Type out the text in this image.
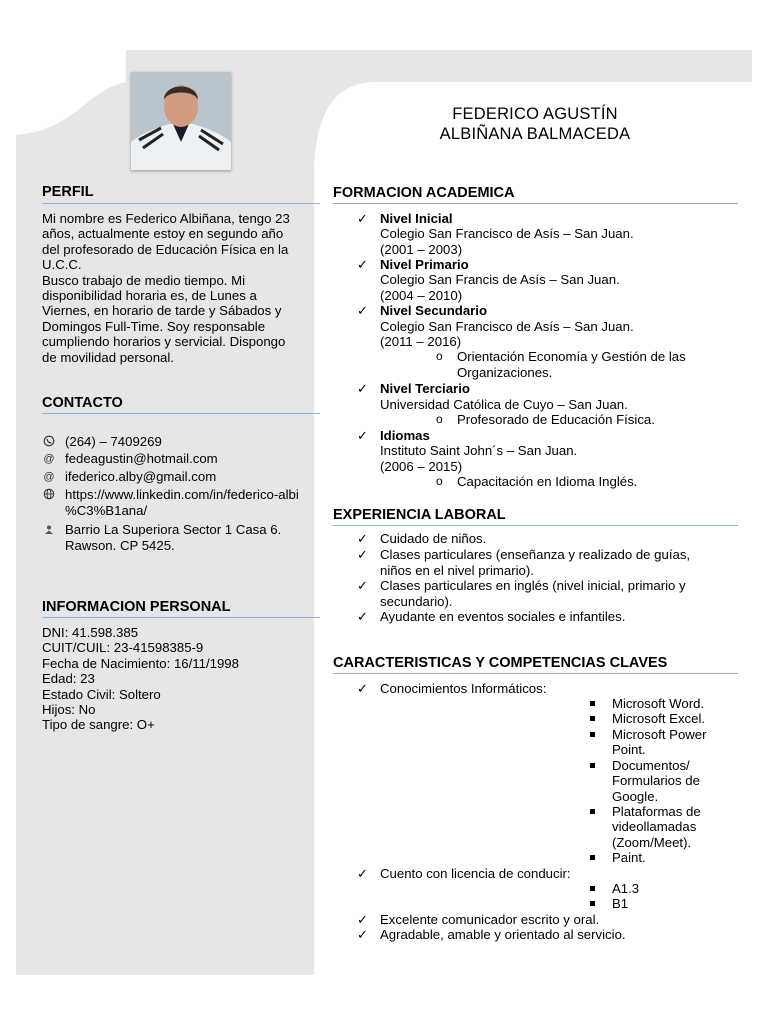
FEDERICO AGUSTÍN
ALBIÑANA BALMACEDA
PERFIL
Mi nombre es Federico Albiñana, tengo 23
años, actualmente estoy en segundo año
del profesorado de Educación Física en la
U.C.C.
Busco trabajo de medio tiempo. Mi
disponibilidad horaria es, de Lunes a
Viernes, en horario de tarde y Sábados y
Domingos Full-Time. Soy responsable
cumpliendo horarios y servicial. Dispongo
de movilidad personal.
CONTACTO
(264) – 7409269
@ fedeagustin@hotmail.com
@ ifederico.alby@gmail.com
https://www.linkedin.com/in/federico-albi
%C3%B1ana/
Barrio La Superiora Sector 1 Casa 6.
Rawson. CP 5425.
INFORMACION PERSONAL
DNI: 41.598.385
CUIT/CUIL: 23-41598385-9
Fecha de Nacimiento: 16/11/1998
Edad: 23
Estado Civil: Soltero
Hijos: No
Tipo de sangre: O+
FORMACION ACADEMICA
✓ Nivel Inicial
Colegio San Francisco de Asís – San Juan.
(2001 – 2003)
✓ Nivel Primario
Colegio San Francis de Asís – San Juan.
(2004 – 2010)
✓ Nivel Secundario
Colegio San Francisco de Asís – San Juan.
(2011 – 2016)
o Orientación Economía y Gestión de las
Organizaciones.
✓ Nivel Terciario
Universidad Católica de Cuyo – San Juan.
o Profesorado de Educación Física.
✓ Idiomas
Instituto Saint John´s – San Juan.
(2006 – 2015)
o Capacitación en Idioma Inglés.
EXPERIENCIA LABORAL
✓ Cuidado de niños.
✓ Clases particulares (enseñanza y realizado de guías,
niños en el nivel primario).
✓ Clases particulares en inglés (nivel inicial, primario y
secundario).
✓ Ayudante en eventos sociales e infantiles.
CARACTERISTICAS Y COMPETENCIAS CLAVES
✓ Conocimientos Informáticos:
Microsoft Word.
Microsoft Excel.
Microsoft Power
Point.
Documentos/
Formularios de
Google.
Plataformas de
videollamadas
(Zoom/Meet).
Paint.
✓ Cuento con licencia de conducir:
A1.3
B1
✓ Excelente comunicador escrito y oral.
✓ Agradable, amable y orientado al servicio.
